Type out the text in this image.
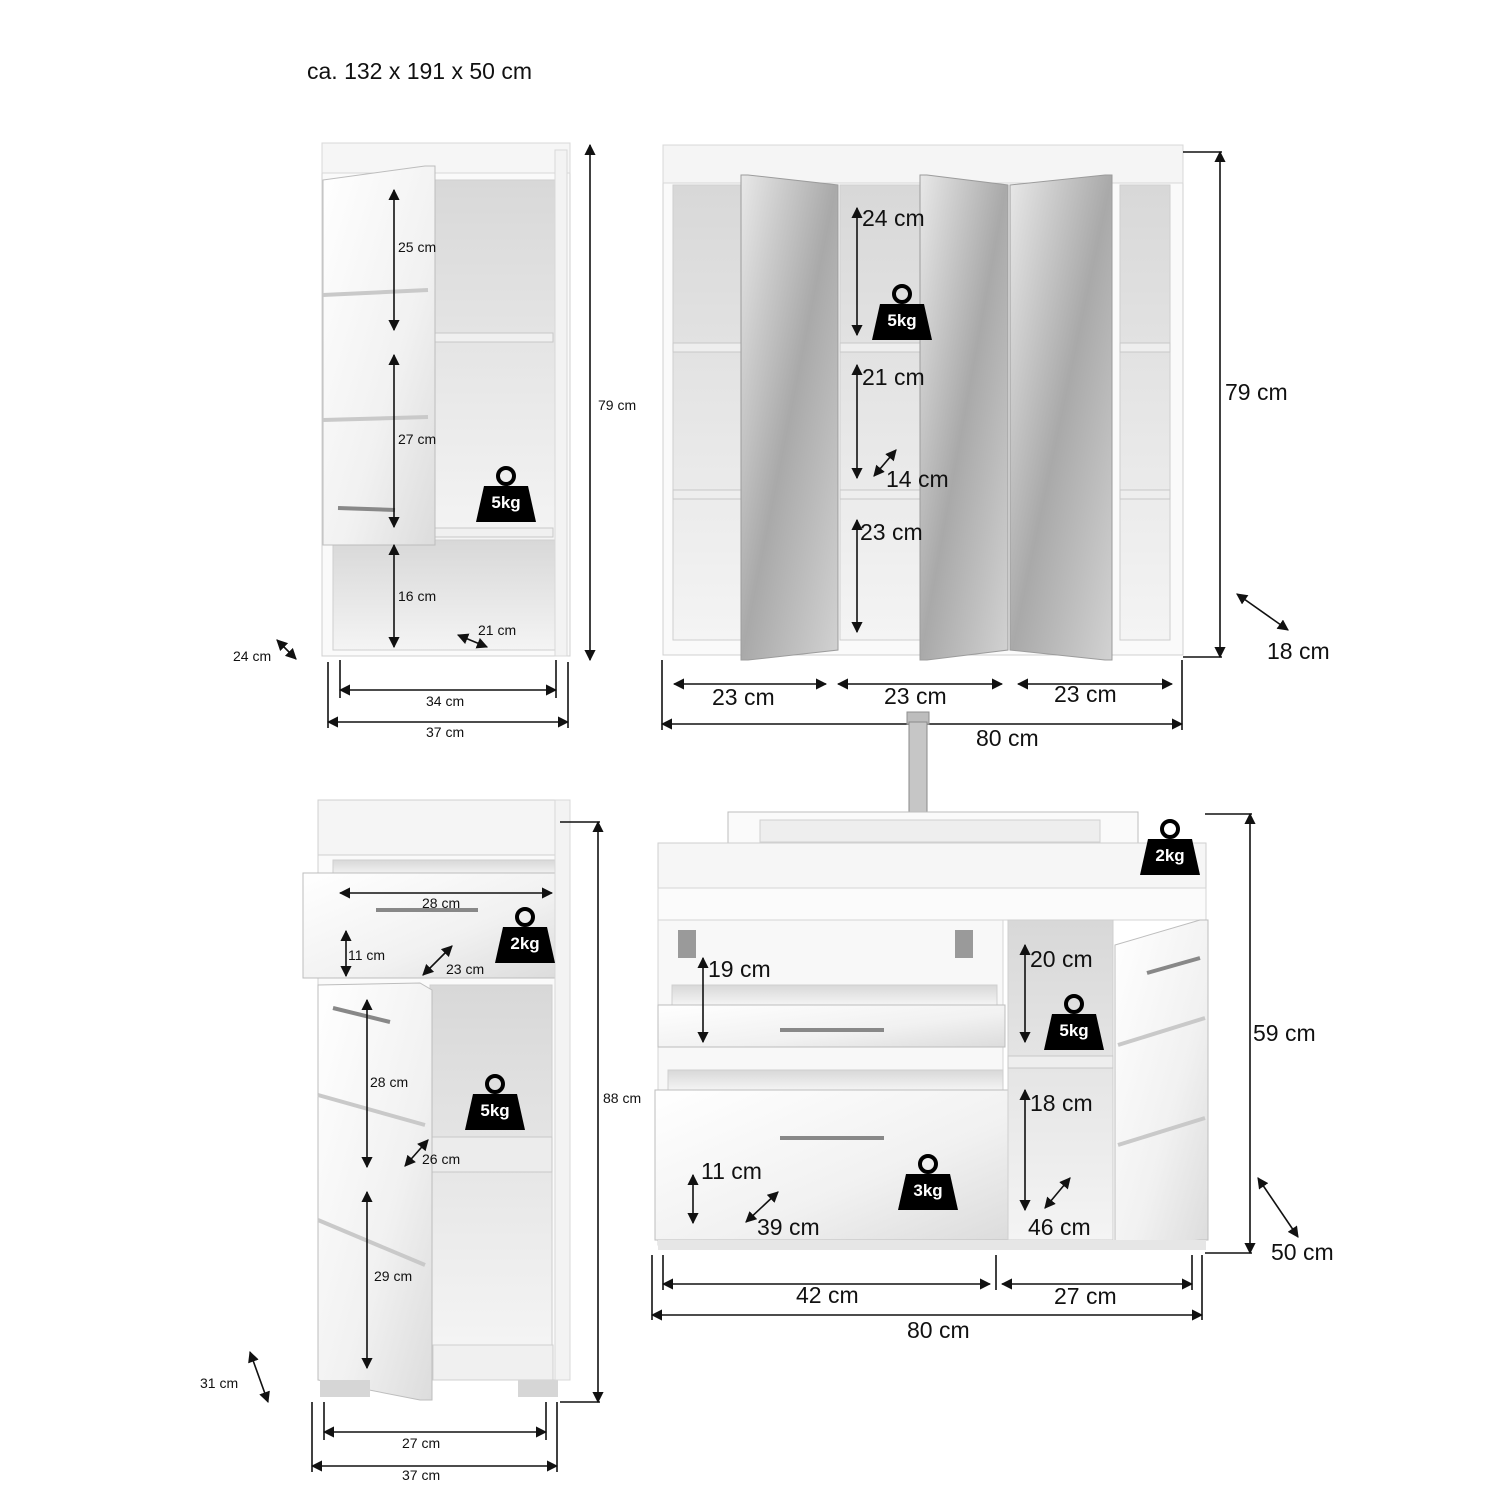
ca. 132 x 191 x 50 cm
25 cm
27 cm
16 cm
21 cm
79 cm
24 cm
34 cm
37 cm
5kg
24 cm
21 cm
14 cm
23 cm
79 cm
18 cm
23 cm	23 cm	23 cm
80 cm
5kg
28 cm
11 cm
23 cm
28 cm
26 cm
29 cm
88 cm
31 cm
27 cm
37 cm
2kg
5kg
19 cm
11 cm
39 cm
20 cm
18 cm
46 cm
59 cm
50 cm
42 cm	27 cm
80 cm
2kg
5kg
3kg
